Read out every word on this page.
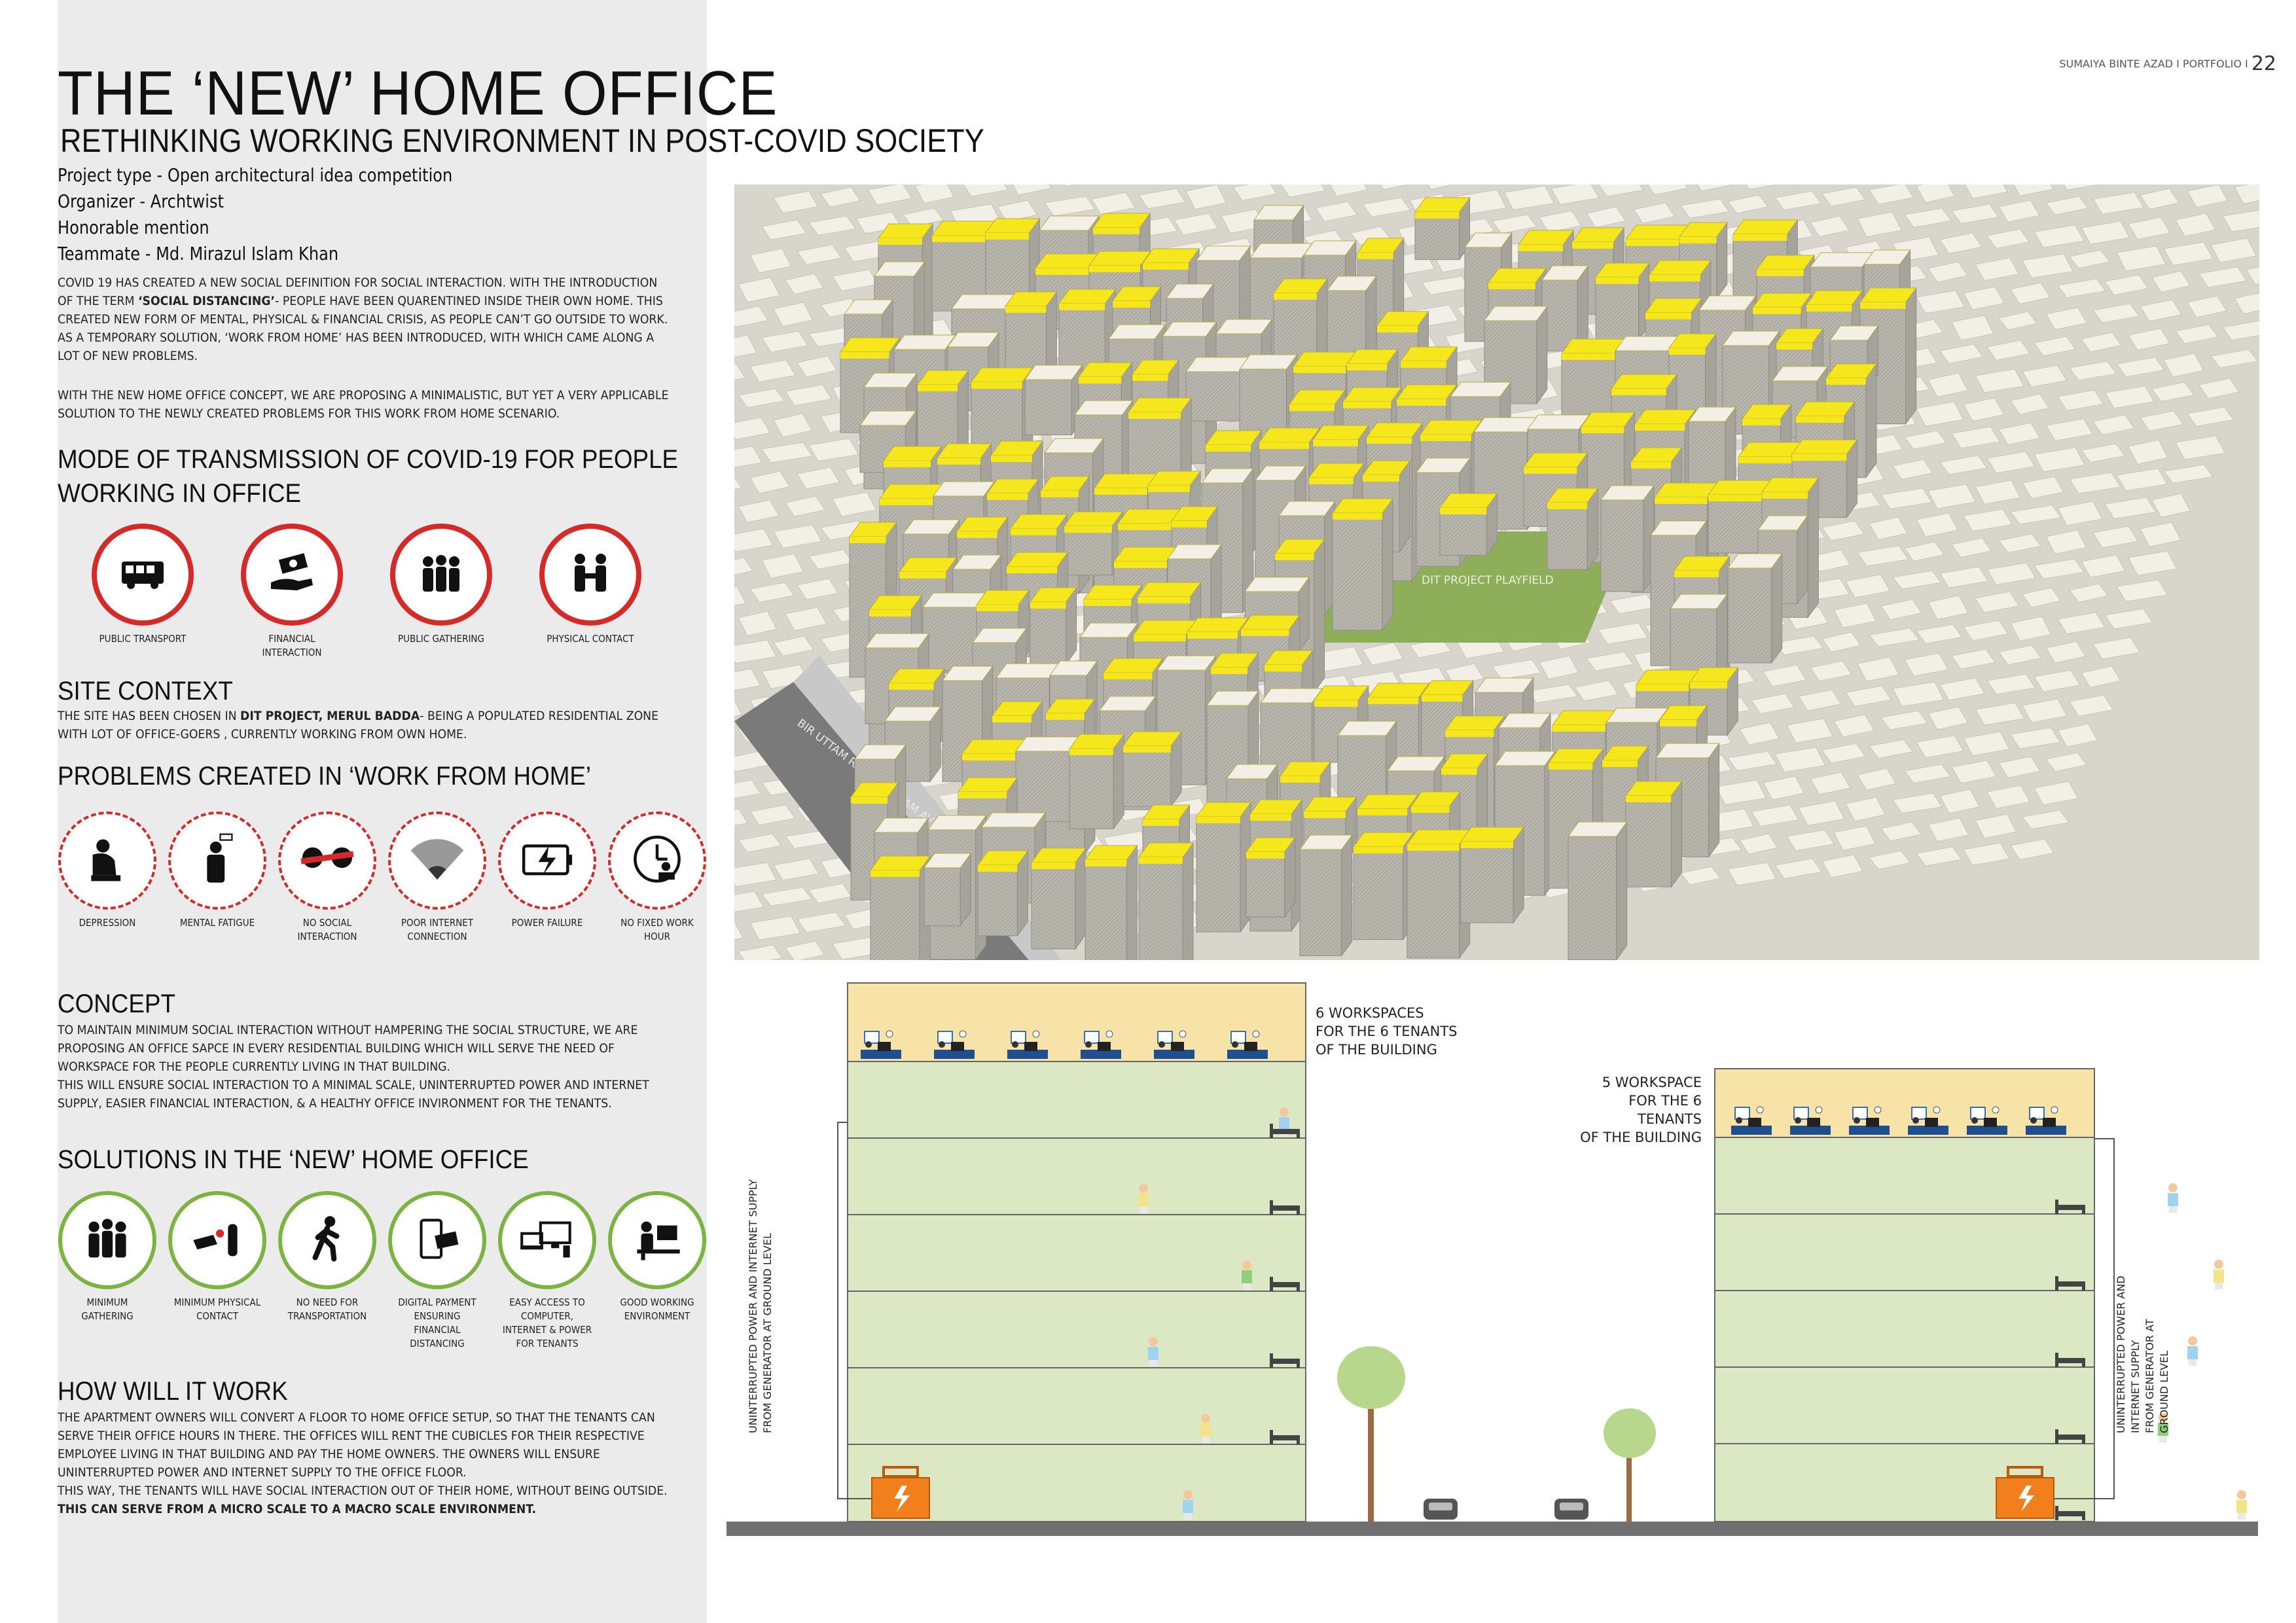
SUMAIYA BINTE AZAD I PORTFOLIO I 22
THE ‘NEW’ HOME OFFICE
RETHINKING WORKING ENVIRONMENT IN POST-COVID SOCIETY
Project type - Open architectural idea competition
Organizer - Archtwist
Honorable mention
Teammate - Md. Mirazul Islam Khan
COVID 19 HAS CREATED A NEW SOCIAL DEFINITION FOR SOCIAL INTERACTION. WITH THE INTRODUCTION OF THE TERM ‘SOCIAL DISTANCING’- PEOPLE HAVE BEEN QUARENTINED INSIDE THEIR OWN HOME. THIS CREATED NEW FORM OF MENTAL, PHYSICAL & FINANCIAL CRISIS, AS PEOPLE CAN’T GO OUTSIDE TO WORK. AS A TEMPORARY SOLUTION, ‘WORK FROM HOME’ HAS BEEN INTRODUCED, WITH WHICH CAME ALONG A LOT OF NEW PROBLEMS.
WITH THE NEW HOME OFFICE CONCEPT, WE ARE PROPOSING A MINIMALISTIC, BUT YET A VERY APPLICABLE SOLUTION TO THE NEWLY CREATED PROBLEMS FOR THIS WORK FROM HOME SCENARIO.
MODE OF TRANSMISSION OF COVID-19 FOR PEOPLE
WORKING IN OFFICE
PUBLIC TRANSPORT	FINANCIAL INTERACTION
PUBLIC GATHERING	PHYSICAL CONTACT
SITE CONTEXT
THE SITE HAS BEEN CHOSEN IN DIT PROJECT, MERUL BADDA- BEING A POPULATED RESIDENTIAL ZONE WITH LOT OF OFFICE-GOERS , CURRENTLY WORKING FROM OWN HOME.
PROBLEMS CREATED IN ‘WORK FROM HOME’
DEPRESSION	MENTAL FATIGUE	NO SOCIAL INTERACTION
POOR INTERNET CONNECTION
POWER FAILURE	NO FIXED WORK HOUR
CONCEPT
TO MAINTAIN MINIMUM SOCIAL INTERACTION WITHOUT HAMPERING THE SOCIAL STRUCTURE, WE ARE PROPOSING AN OFFICE SAPCE IN EVERY RESIDENTIAL BUILDING WHICH WILL SERVE THE NEED OF WORKSPACE FOR THE PEOPLE CURRENTLY LIVING IN THAT BUILDING.
THIS WILL ENSURE SOCIAL INTERACTION TO A MINIMAL SCALE, UNINTERRUPTED POWER AND INTERNET SUPPLY, EASIER FINANCIAL INTERACTION, & A HEALTHY OFFICE INVIRONMENT FOR THE TENANTS.
SOLUTIONS IN THE ‘NEW’ HOME OFFICE
MINIMUM GATHERING
MINIMUM PHYSICAL CONTACT
NO NEED FOR TRANSPORTATION
DIGITAL PAYMENT ENSURING FINANCIAL DISTANCING
EASY ACCESS TO COMPUTER, INTERNET & POWER FOR TENANTS
GOOD WORKING ENVIRONMENT
HOW WILL IT WORK
THE APARTMENT OWNERS WILL CONVERT A FLOOR TO HOME OFFICE SETUP, SO THAT THE TENANTS CAN SERVE THEIR OFFICE HOURS IN THERE. THE OFFICES WILL RENT THE CUBICLES FOR THEIR RESPECTIVE EMPLOYEE LIVING IN THAT BUILDING AND PAY THE HOME OWNERS. THE OWNERS WILL ENSURE UNINTERRUPTED POWER AND INTERNET SUPPLY TO THE OFFICE FLOOR.
THIS WAY, THE TENANTS WILL HAVE SOCIAL INTERACTION OUT OF THEIR HOME, WITHOUT BEING OUTSIDE.
THIS CAN SERVE FROM A MICRO SCALE TO A MACRO SCALE ENVIRONMENT.
DIT PROJECT PLAYFIELD
BIR UTTAM
6 WORKSPACES
FOR THE 6 TENANTS
OF THE BUILDING
5 WORKSPACE
FOR THE 6 TENANTS
OF THE BUILDING
UNINTERRUPTED POWER AND INTERNET SUPPLY
FROM GENERATOR AT GROUND LEVEL
UNINTERRUPTED POWER AND INTERNET SUPPLY
FROM GENERATOR AT GROUND LEVEL
